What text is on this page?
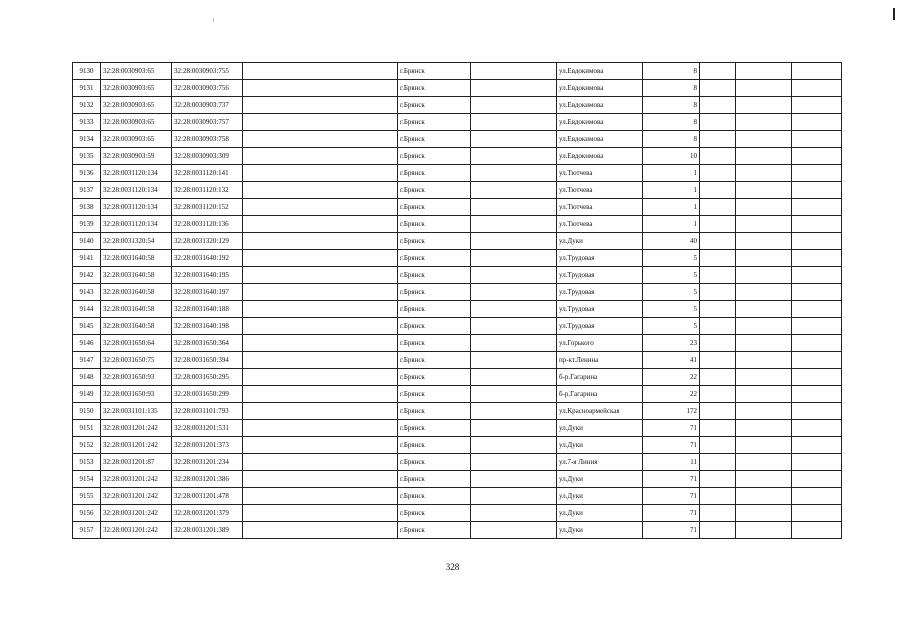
9130	32:28:0030903:65	32:28:0030903:755		г.Брянск		ул.Евдокимова	8			
9131	32:28:0030903:65	32:28:0030903:756		г.Брянск		ул.Евдокимова	8			
9132	32:28:0030903:65	32:28:0030903:737		г.Брянск		ул.Евдокимова	8			
9133	32:28:0030903:65	32:28:0030903:757		г.Брянск		ул.Евдокимова	8			
9134	32:28:0030903:65	32:28:0030903:758		г.Брянск		ул.Евдокимова	8			
9135	32:28:0030903:59	32:28:0030903:309		г.Брянск		ул.Евдокимова	10			
9136	32:28:0031120:134	32:28:0031120:141		г.Брянск		ул.Тютчева	1			
9137	32:28:0031120:134	32:28:0031120:132		г.Брянск		ул.Тютчева	1			
9138	32:28:0031120:134	32:28:0031120:152		г.Брянск		ул.Тютчева	1			
9139	32:28:0031120:134	32:28:0031120:136		г.Брянск		ул.Тютчева	1			
9140	32:28:0031320:54	32:28:0031320:129		г.Брянск		ул.Дуки	40			
9141	32:28:0031640:58	32:28:0031640:192		г.Брянск		ул.Трудовая	5			
9142	32:28:0031640:58	32:28:0031640:195		г.Брянск		ул.Трудовая	5			
9143	32:28:0031640:58	32:28:0031640:197		г.Брянск		ул.Трудовая	5			
9144	32:28:0031640:58	32:28:0031640:188		г.Брянск		ул.Трудовая	5			
9145	32:28:0031640:58	32:28:0031640:198		г.Брянск		ул.Трудовая	5			
9146	32:28:0031650:64	32:28:0031650:364		г.Брянск		ул.Горького	23			
9147	32:28:0031650:75	32:28:0031650:394		г.Брянск		пр-кт.Ленина	41			
9148	32:28:0031650:93	32:28:0031650:295		г.Брянск		б-р.Гагарина	22			
9149	32:28:0031650:93	32:28:0031650:299		г.Брянск		б-р.Гагарина	22			
9150	32:28:0031101:135	32:28:0031101:793		г.Брянск		ул.Красноармейская	172			
9151	32:28:0031201:242	32:28:0031201:531		г.Брянск		ул.Дуки	71			
9152	32:28:0031201:242	32:28:0031201:373		г.Брянск		ул.Дуки	71			
9153	32:28:0031201:87	32:28:0031201:234		г.Брянск		ул.7-я Линия	11			
9154	32:28:0031201:242	32:28:0031201:386		г.Брянск		ул.Дуки	71			
9155	32:28:0031201:242	32:28:0031201:478		г.Брянск		ул.Дуки	71			
9156	32:28:0031201:242	32:28:0031201:379		г.Брянск		ул.Дуки	71			
9157	32:28:0031201:242	32:28:0031201:389		г.Брянск		ул.Дуки	71			
328
